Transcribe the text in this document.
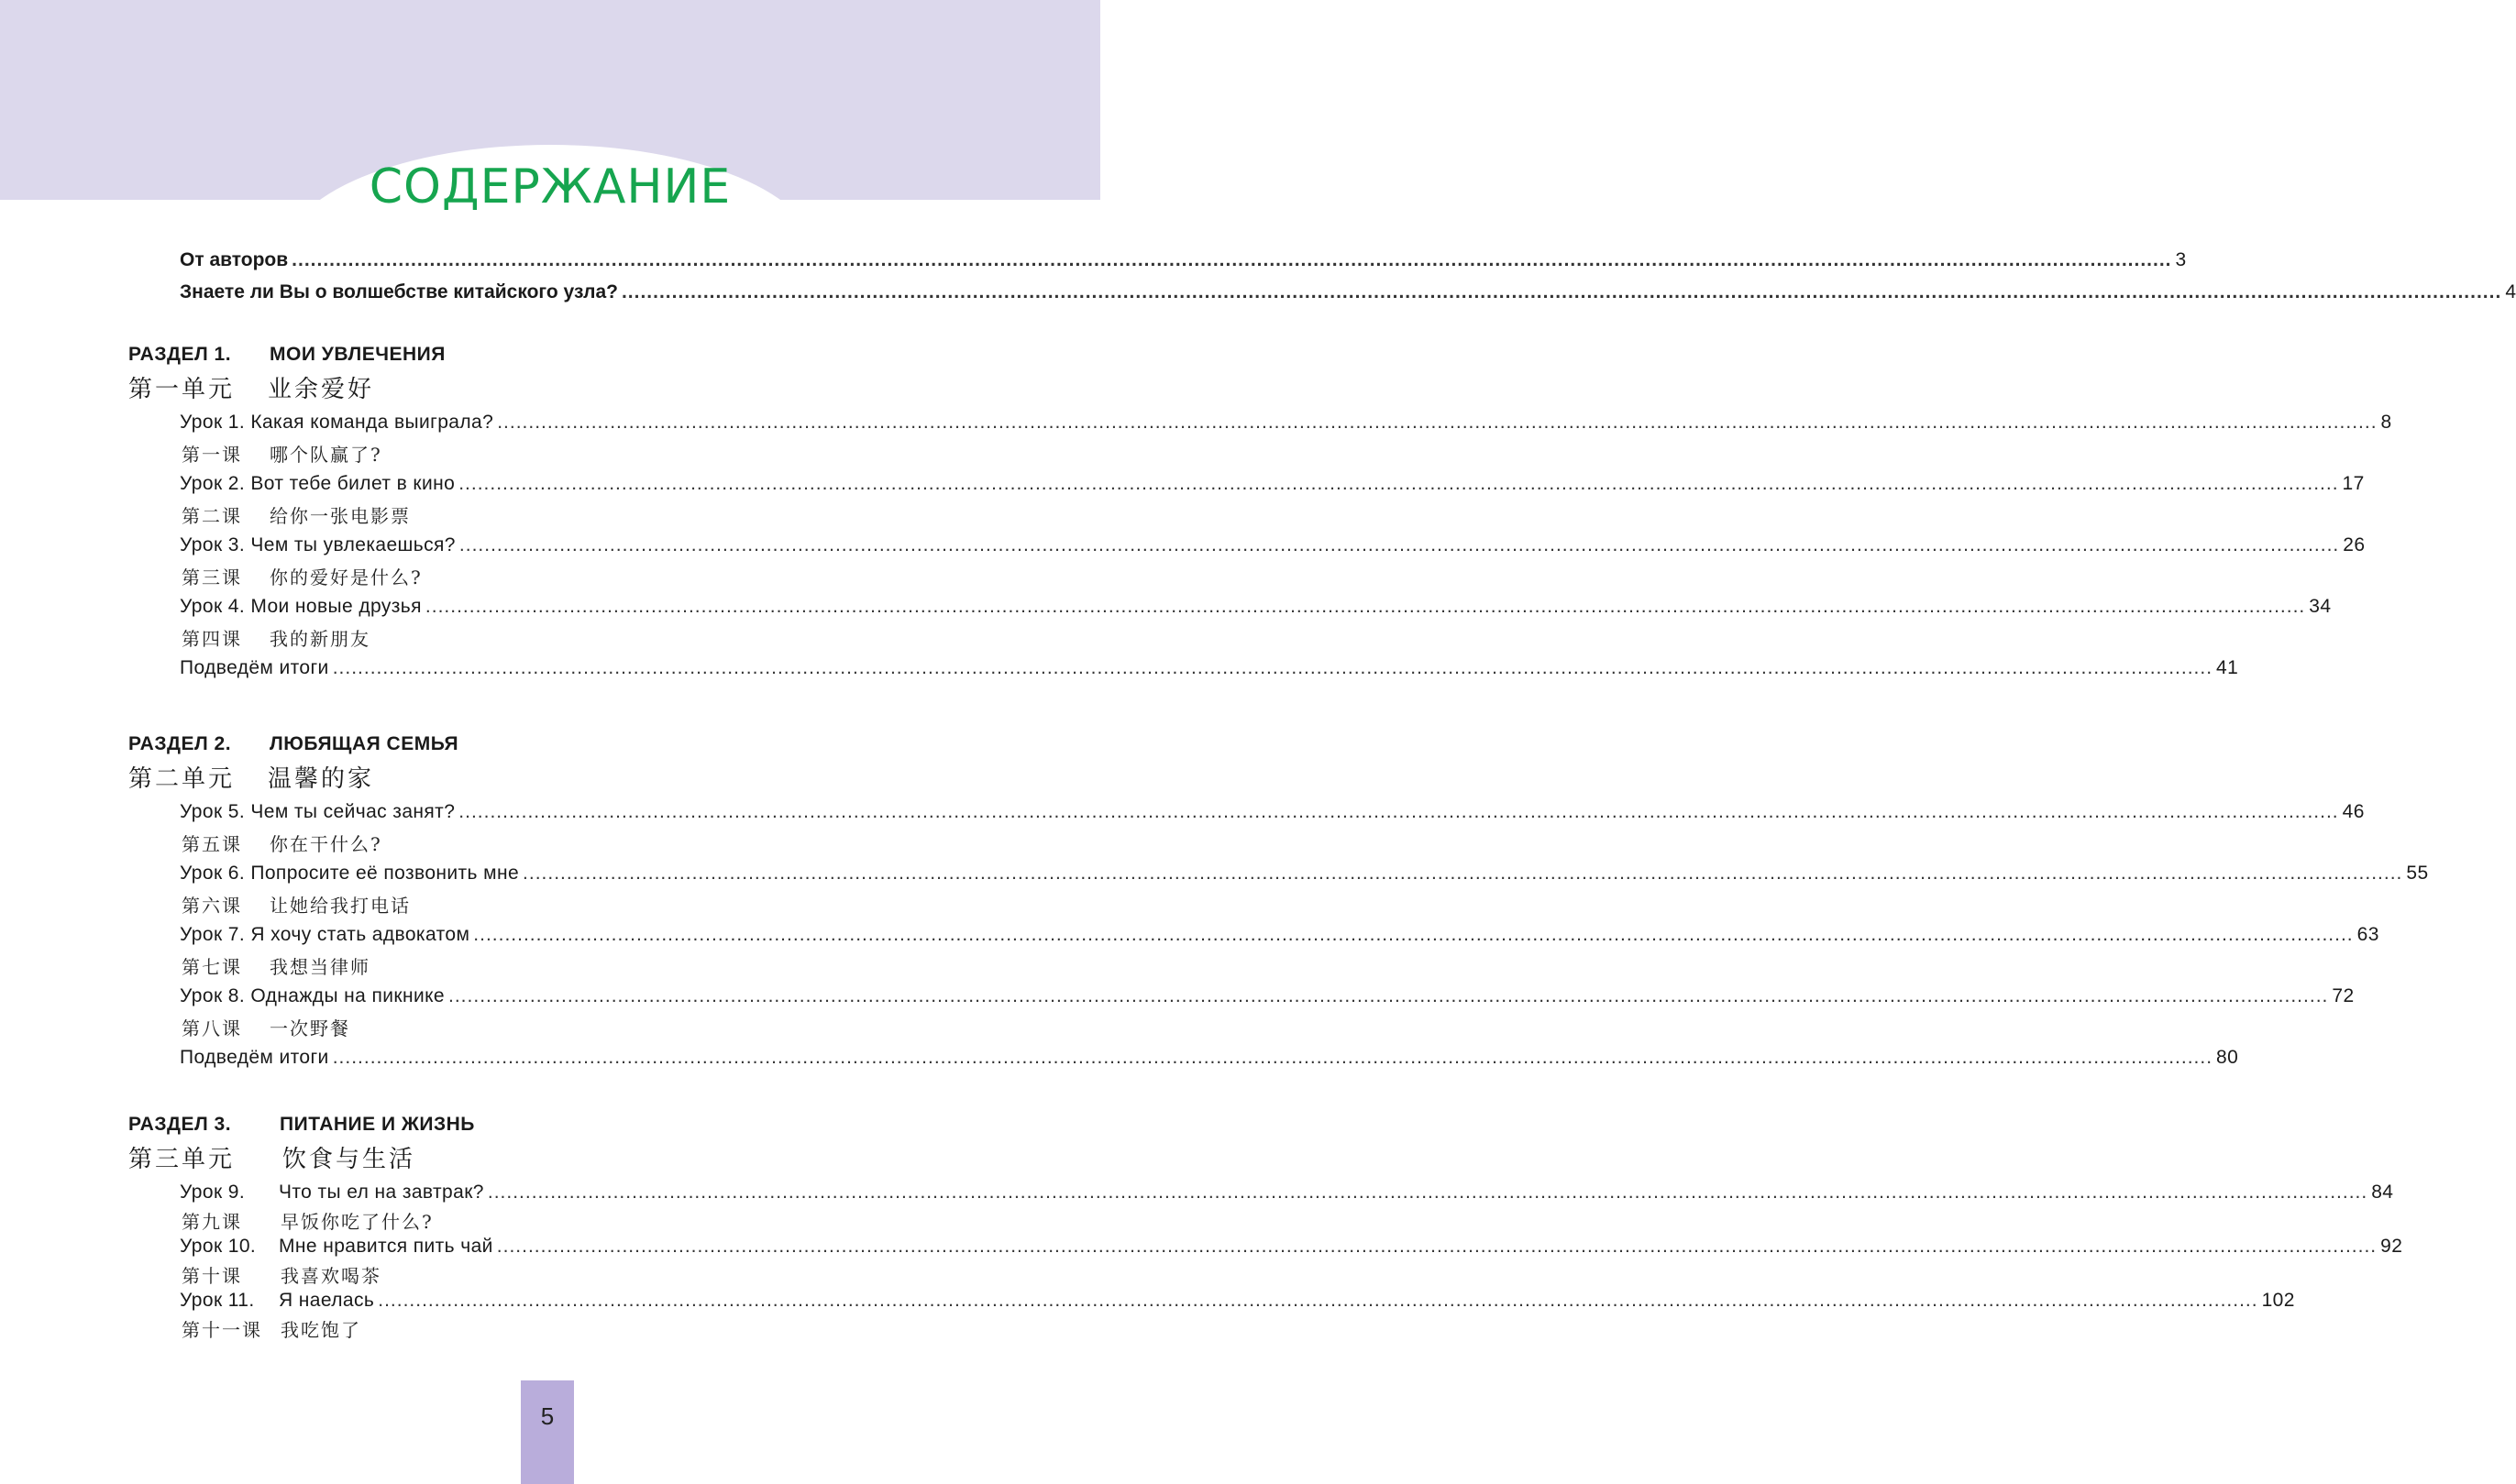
СОДЕРЖАНИЕ
От авторов ............................................................................................................................................................................................................................................................................................................ 3
Знаете ли Вы о волшебстве китайского узла? ............................................................................................................................................................................................................................................................................................................ 4
РАЗДЕЛ 1. МОИ УВЛЕЧЕНИЯ
第一单元 业余爱好
Урок 1. Какая команда выиграла? ............................................................................................................................................................................................................................................................................................................ 8
第一课 哪个队赢了?
Урок 2. Вот тебе билет в кино ............................................................................................................................................................................................................................................................................................................ 17
第二课 给你一张电影票
Урок 3. Чем ты увлекаешься? ............................................................................................................................................................................................................................................................................................................ 26
第三课 你的爱好是什么?
Урок 4. Мои новые друзья ............................................................................................................................................................................................................................................................................................................ 34
第四课 我的新朋友
Подведём итоги ............................................................................................................................................................................................................................................................................................................ 41
РАЗДЕЛ 2. ЛЮБЯЩАЯ СЕМЬЯ
第二单元 温馨的家
Урок 5. Чем ты сейчас занят? ............................................................................................................................................................................................................................................................................................................ 46
第五课 你在干什么?
Урок 6. Попросите её позвонить мне ............................................................................................................................................................................................................................................................................................................ 55
第六课 让她给我打电话
Урок 7. Я хочу стать адвокатом ............................................................................................................................................................................................................................................................................................................ 63
第七课 我想当律师
Урок 8. Однажды на пикнике ............................................................................................................................................................................................................................................................................................................ 72
第八课 一次野餐
Подведём итоги ............................................................................................................................................................................................................................................................................................................ 80
РАЗДЕЛ 3.	ПИТАНИЕ И ЖИЗНЬ
第三单元 饮食与生活
Урок 9. Что ты ел на завтрак? ............................................................................................................................................................................................................................................................................................................ 84
第九课 早饭你吃了什么?
Урок 10. Мне нравится пить чай ............................................................................................................................................................................................................................................................................................................ 92
第十课 我喜欢喝茶
Урок 11. Я наелась ............................................................................................................................................................................................................................................................................................................ 102
第十一课 我吃饱了
5
